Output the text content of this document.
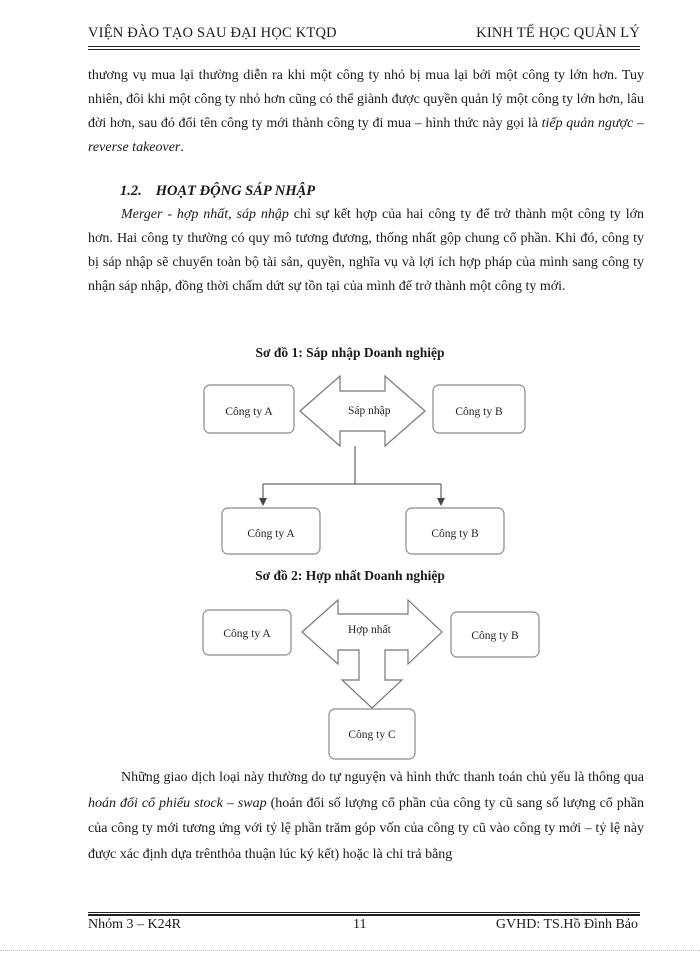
VIỆN ĐÀO TẠO SAU ĐẠI HỌC KTQD	KINH TẾ HỌC QUẢN LÝ

thương vụ mua lại thường diễn ra khi một công ty nhỏ bị mua lại bởi một công ty lớn hơn. Tuy nhiên, đôi khi một công ty nhỏ hơn cũng có thể giành được quyền quản lý một công ty lớn hơn, lâu đời hơn, sau đó đổi tên công ty mới thành công ty đi mua – hình thức này gọi là tiếp quản ngược – reverse takeover.

1.2. HOẠT ĐỘNG SÁP NHẬP

Merger - hợp nhất, sáp nhập chỉ sự kết hợp của hai công ty để trở thành một công ty lớn hơn. Hai công ty thường có quy mô tương đương, thống nhất gộp chung cổ phần. Khi đó, công ty bị sáp nhập sẽ chuyển toàn bộ tài sản, quyền, nghĩa vụ và lợi ích hợp pháp của mình sang công ty nhận sáp nhập, đồng thời chấm dứt sự tồn tại của mình để trở thành một công ty mới.

Sơ đồ 1: Sáp nhập Doanh nghiệp

Sáp nhập
Công ty A	Công ty B
Công ty A	Công ty B
Hợp nhất
Công ty A	Công ty B
Công ty C

Sơ đồ 2: Hợp nhất Doanh nghiệp

Những giao dịch loại này thường do tự nguyện và hình thức thanh toán chủ yếu là thông qua hoán đổi cổ phiếu stock – swap (hoán đổi số lượng cổ phần của công ty cũ sang số lượng cổ phần của công ty mới tương ứng với tỷ lệ phần trăm góp vốn của công ty cũ vào công ty mới – tỷ lệ này được xác định dựa trênthỏa thuận lúc ký kết) hoặc là chi trả bằng

Nhóm 3 – K24R	11	GVHD: TS.Hồ Đình Bảo
